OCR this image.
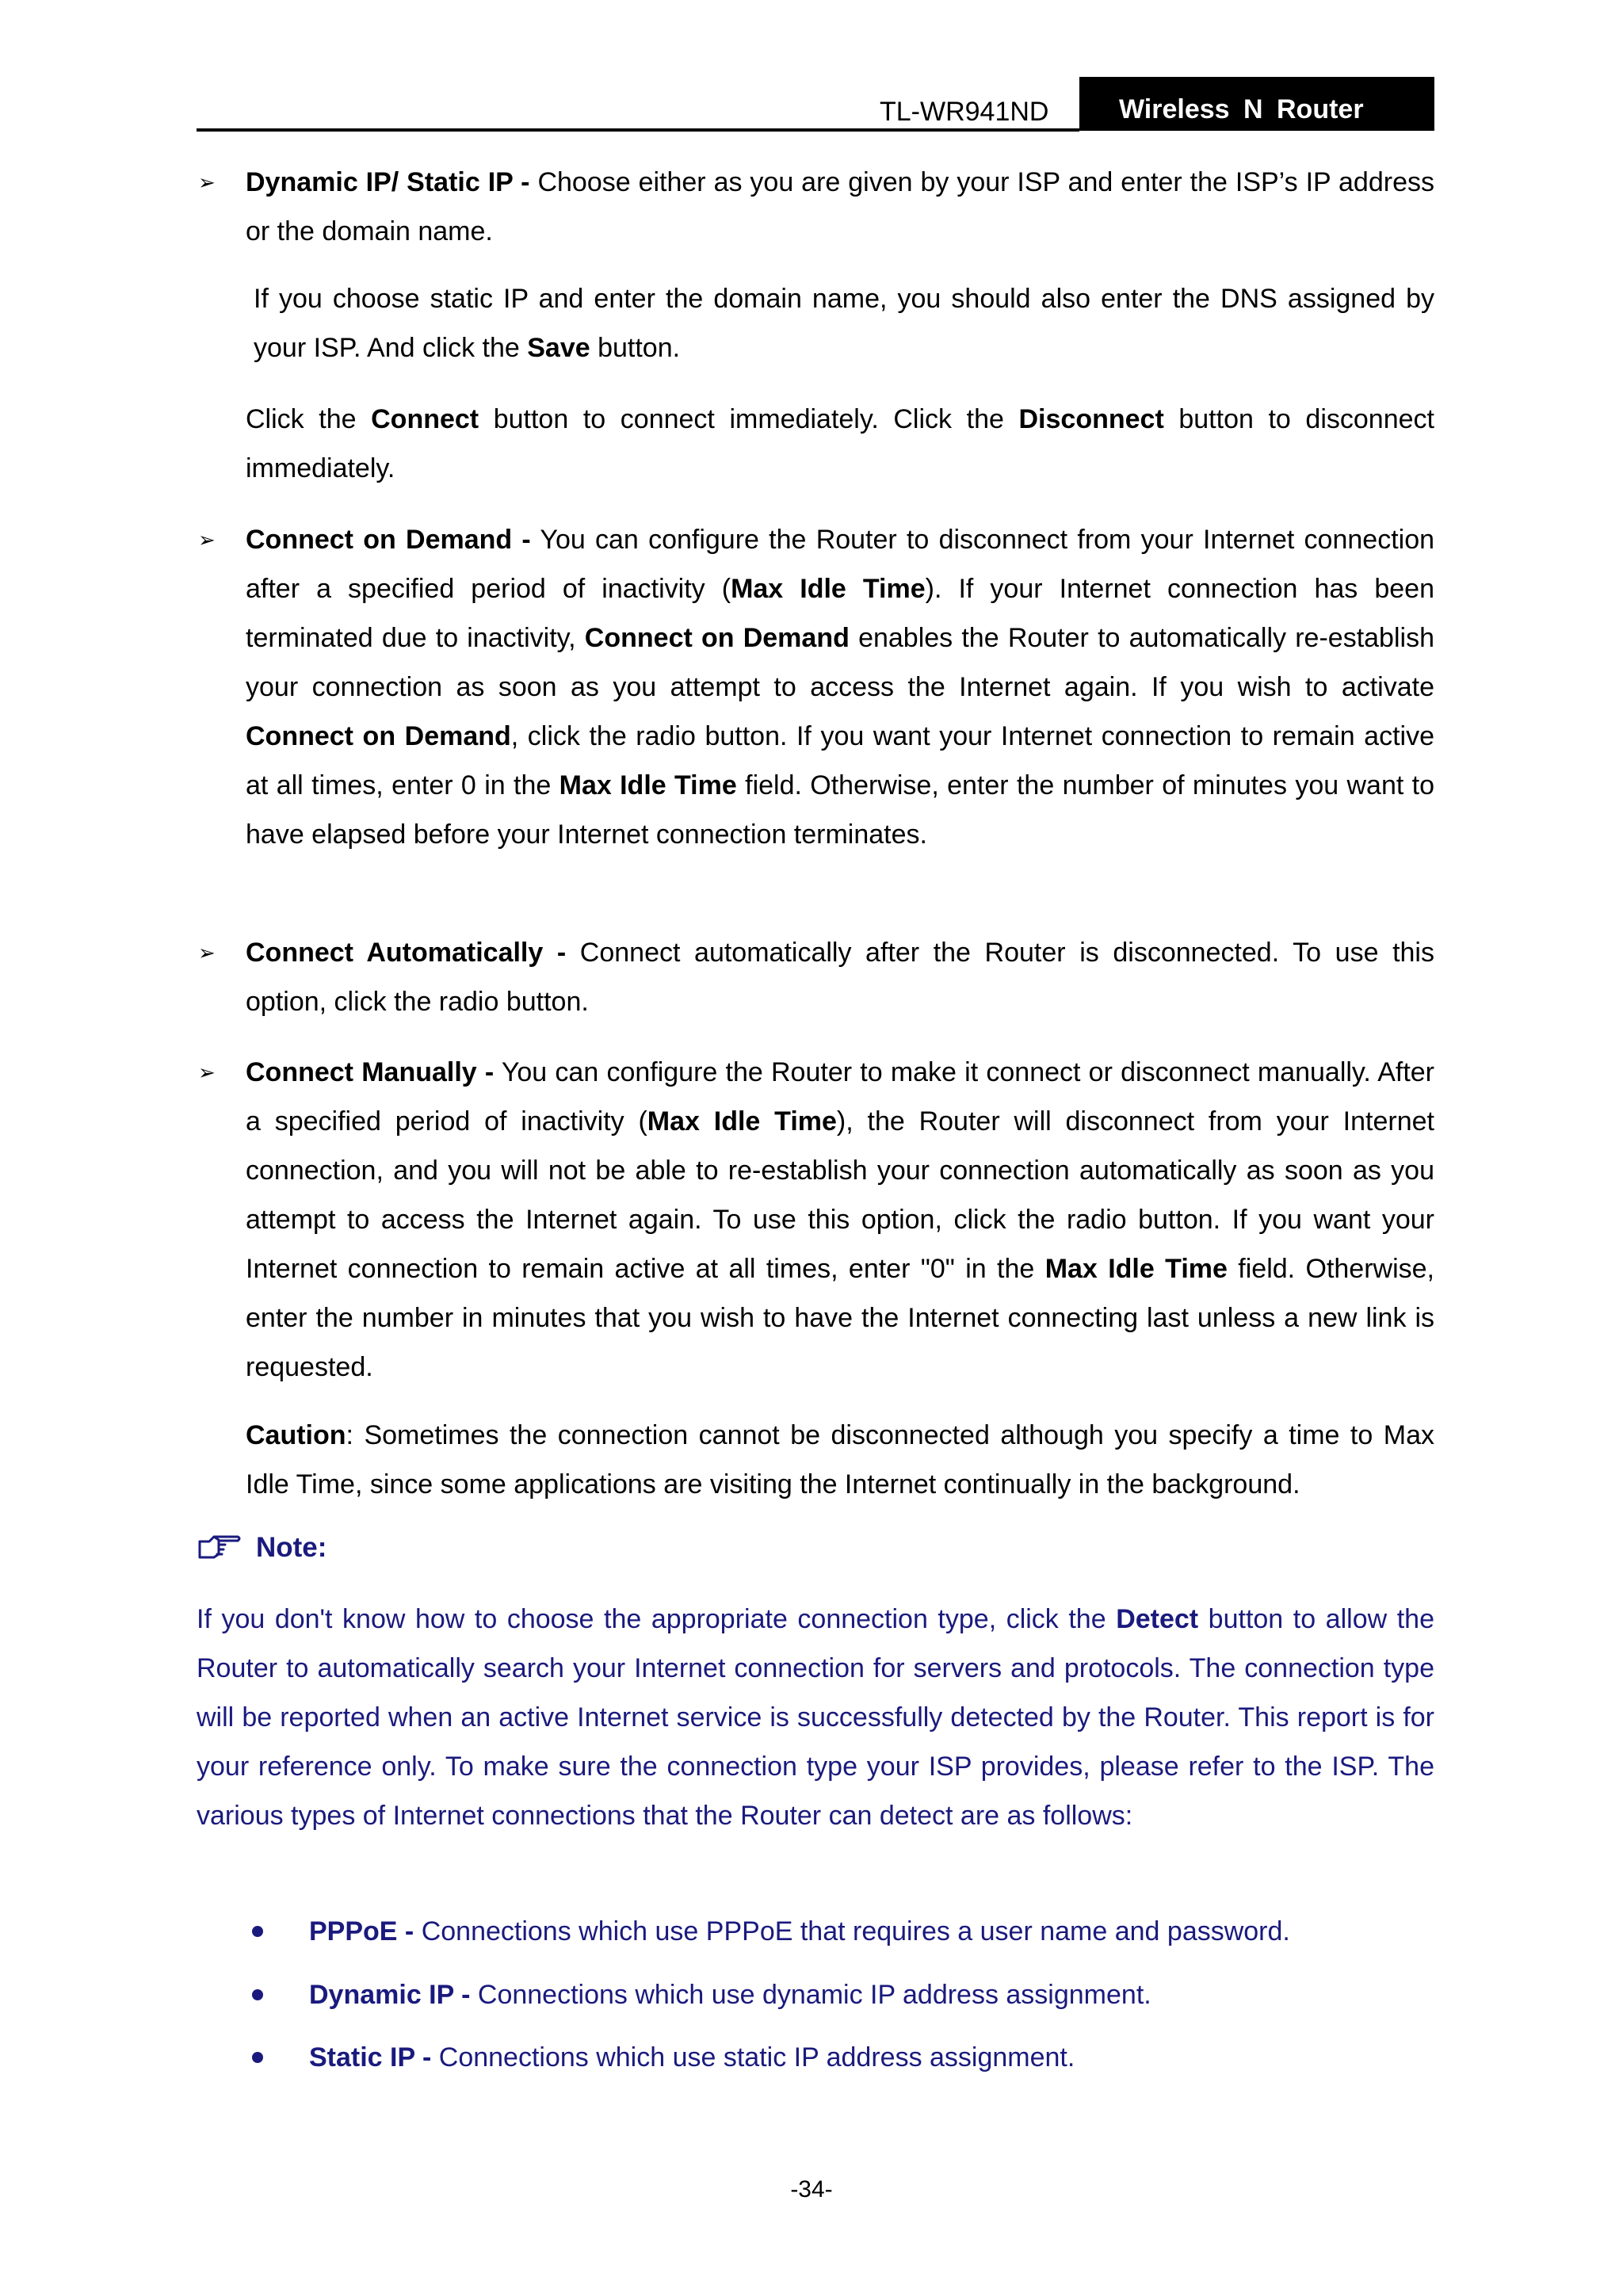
TL-WR941ND	Wireless N Router
➢ Dynamic IP/ Static IP - Choose either as you are given by your ISP and enter the ISP’s IP address or the domain name.
If you choose static IP and enter the domain name, you should also enter the DNS assigned by your ISP. And click the Save button.
Click the Connect button to connect immediately. Click the Disconnect button to disconnect immediately.
➢ Connect on Demand - You can configure the Router to disconnect from your Internet connection after a specified period of inactivity (Max Idle Time). If your Internet connection has been terminated due to inactivity, Connect on Demand enables the Router to automatically re-establish your connection as soon as you attempt to access the Internet again. If you wish to activate Connect on Demand, click the radio button. If you want your Internet connection to remain active at all times, enter 0 in the Max Idle Time field. Otherwise, enter the number of minutes you want to have elapsed before your Internet connection terminates.
➢ Connect Automatically - Connect automatically after the Router is disconnected. To use this option, click the radio button.
➢ Connect Manually - You can configure the Router to make it connect or disconnect manually. After a specified period of inactivity (Max Idle Time), the Router will disconnect from your Internet connection, and you will not be able to re-establish your connection automatically as soon as you attempt to access the Internet again. To use this option, click the radio button. If you want your Internet connection to remain active at all times, enter "0" in the Max Idle Time field. Otherwise, enter the number in minutes that you wish to have the Internet connecting last unless a new link is requested.
Caution: Sometimes the connection cannot be disconnected although you specify a time to Max Idle Time, since some applications are visiting the Internet continually in the background.
Note:
If you don't know how to choose the appropriate connection type, click the Detect button to allow the Router to automatically search your Internet connection for servers and protocols. The connection type will be reported when an active Internet service is successfully detected by the Router. This report is for your reference only. To make sure the connection type your ISP provides, please refer to the ISP. The various types of Internet connections that the Router can detect are as follows:
PPPoE - Connections which use PPPoE that requires a user name and password.
Dynamic IP - Connections which use dynamic IP address assignment.
Static IP - Connections which use static IP address assignment.
-34-
